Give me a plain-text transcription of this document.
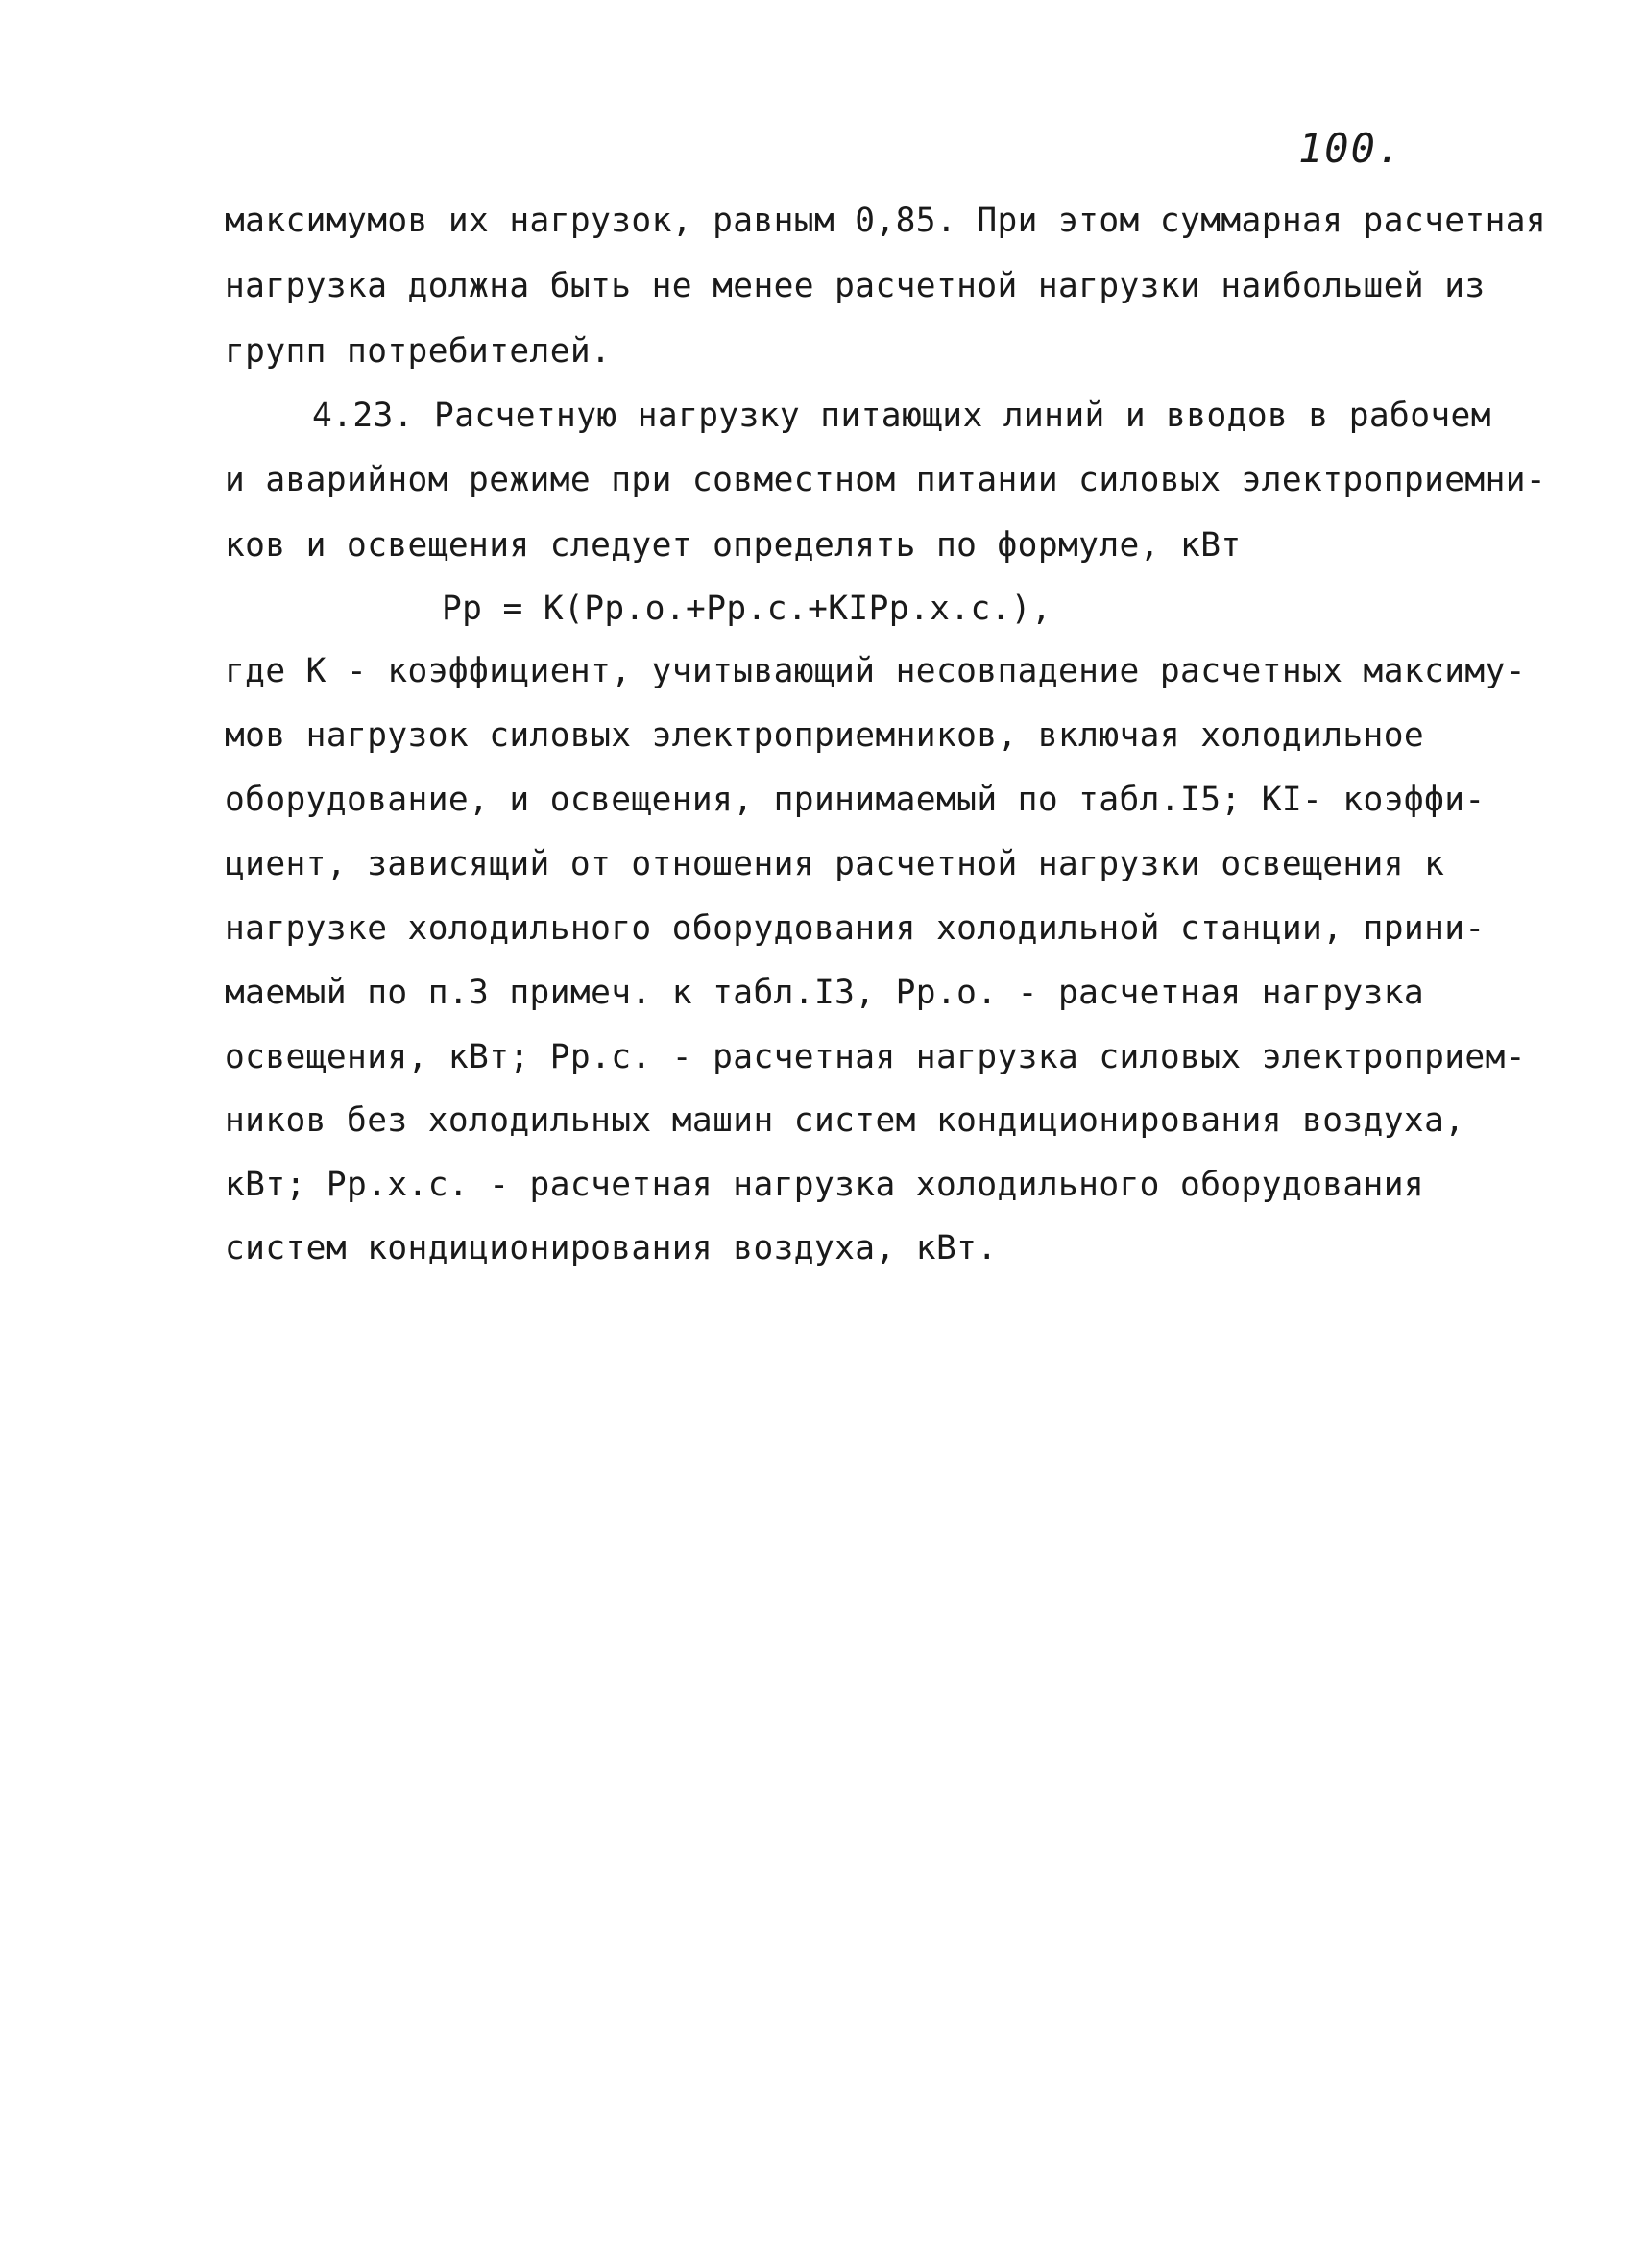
100.
максимумов их нагрузок, равным 0,85. При этом суммарная расчетная
нагрузка должна быть не менее расчетной нагрузки наибольшей из
групп потребителей.
4.23. Расчетную нагрузку питающих линий и вводов в рабочем
и аварийном режиме при совместном питании силовых электроприемни-
ков и освещения следует определять по формуле, кВт
Рр = К(Рр.о.+Рр.с.+КIРр.х.с.),
где К - коэффициент, учитывающий несовпадение расчетных максиму-
мов нагрузок силовых электроприемников, включая холодильное
оборудование, и освещения, принимаемый по табл.I5; КI- коэффи-
циент, зависящий от отношения расчетной нагрузки освещения к
нагрузке холодильного оборудования холодильной станции, прини-
маемый по п.3 примеч. к табл.I3, Рр.о. - расчетная нагрузка
освещения, кВт; Рр.с. - расчетная нагрузка силовых электроприем-
ников без холодильных машин систем кондиционирования воздуха,
кВт; Рр.х.с. - расчетная нагрузка холодильного оборудования
систем кондиционирования воздуха, кВт.
